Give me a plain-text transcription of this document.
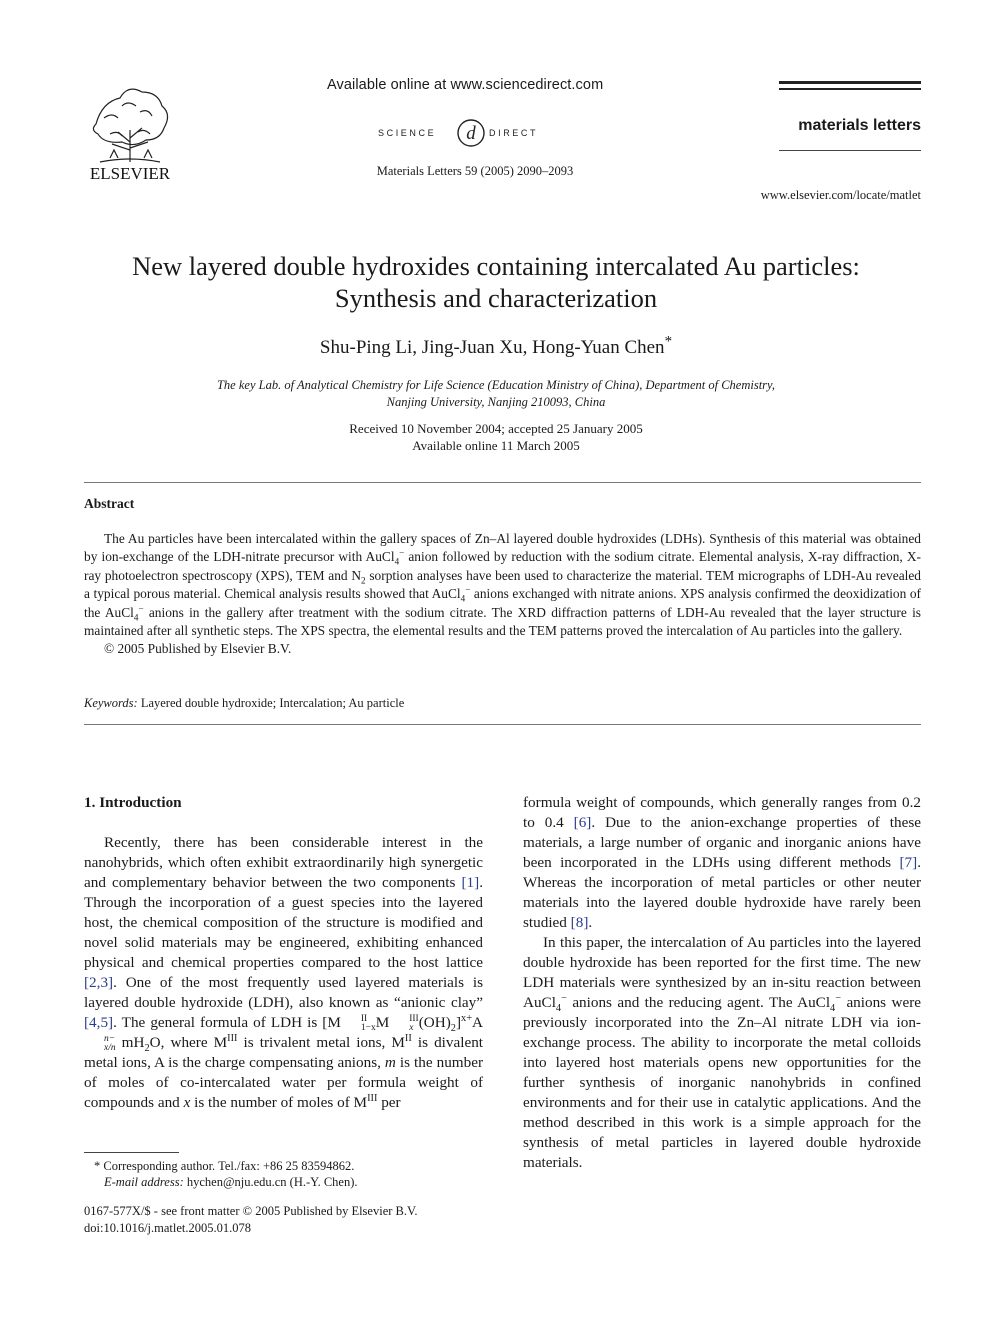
ELSEVIER
Available online at www.sciencedirect.com
SCIENCE d DIRECT
Materials Letters 59 (2005) 2090–2093
materials letters
www.elsevier.com/locate/matlet
New layered double hydroxides containing intercalated Au particles:
Synthesis and characterization
Shu-Ping Li, Jing-Juan Xu, Hong-Yuan Chen*
The key Lab. of Analytical Chemistry for Life Science (Education Ministry of China), Department of Chemistry,
Nanjing University, Nanjing 210093, China
Received 10 November 2004; accepted 25 January 2005
Available online 11 March 2005
Abstract

The Au particles have been intercalated within the gallery spaces of Zn–Al layered double hydroxides (LDHs). Synthesis of this material was obtained by ion-exchange of the LDH-nitrate precursor with AuCl$_4$− anion followed by reduction with the sodium citrate. Elemental analysis, X-ray diffraction, X-ray photoelectron spectroscopy (XPS), TEM and $N_2$ sorption analyses have been used to characterize the material. TEM micrographs of LDH-Au revealed a typical porous material. Chemical analysis results showed that AuCl$_4$− anions exchanged with nitrate anions. XPS analysis confirmed the deoxidization of the AuCl$_4$− anions in the gallery after treatment with the sodium citrate. The XRD diffraction patterns of LDH-Au revealed that the layer structure is maintained after all synthetic steps. The XPS spectra, the elemental results and the TEM patterns proved the intercalation of Au particles into the gallery.

© 2005 Published by Elsevier B.V.

Keywords: Layered double hydroxide; Intercalation; Au particle
1. Introduction

Recently, there has been considerable interest in the nanohybrids, which often exhibit extraordinarily high synergetic and complementary behavior between the two components [1]. Through the incorporation of a guest species into the layered host, the chemical composition of the structure is modified and novel solid materials may be engineered, exhibiting enhanced physical and chemical properties compared to the host lattice [2,3]. One of the most frequently used layered materials is layered double hydroxide (LDH), also known as “anionic clay” [4,5]. The general formula of LDH is [M	II
1−x M	III
x $(OH)_2]^{x+}A$
n−
x/n $mH_2O$, where $M^{III}$ is trivalent metal ions, $M^{II}$ is divalent metal ions, A is the charge compensating anions, m is the number of moles of co-intercalated water per formula weight of compounds and x is the number of moles of $M^{III}$ per

formula weight of compounds, which generally ranges from 0.2 to 0.4 [6]. Due to the anion-exchange properties of these materials, a large number of organic and inorganic anions have been incorporated in the LDHs using different methods [7]. Whereas the incorporation of metal particles or other neuter materials into the layered double hydroxide have rarely been studied [8].

In this paper, the intercalation of Au particles into the layered double hydroxide has been reported for the first time. The new LDH materials were synthesized by an in-situ reaction between AuCl$_4$− anions and the reducing agent. The AuCl$_4$− anions were previously incorporated into the Zn–Al nitrate LDH via ion-exchange process. The ability to incorporate the metal colloids into layered host materials opens new opportunities for the further synthesis of inorganic nanohybrids in confined environments and for their use in catalytic applications. And the method described in this work is a simple approach for the synthesis of metal particles in layered double hydroxide materials.

* Corresponding author. Tel./fax: +86 25 83594862.
E-mail address: hychen@nju.edu.cn (H.-Y. Chen).
0167-577X/$ - see front matter © 2005 Published by Elsevier B.V.
doi:10.1016/j.matlet.2005.01.078
